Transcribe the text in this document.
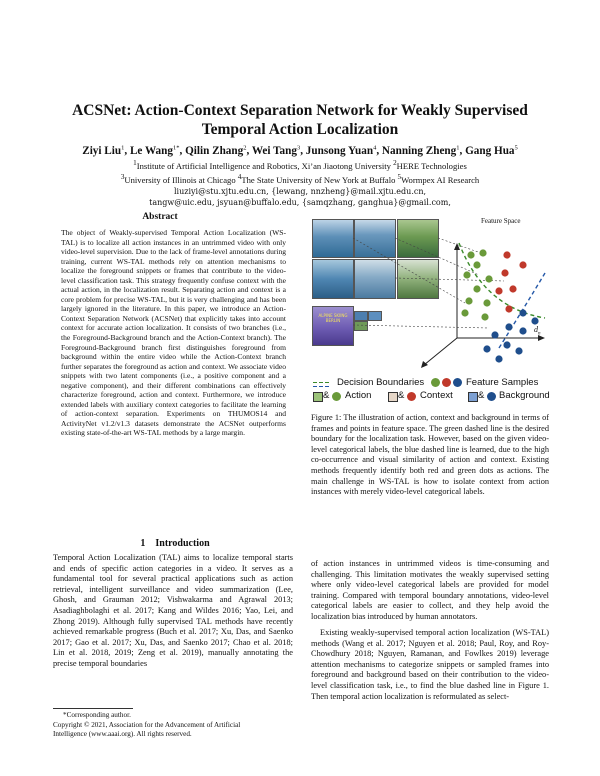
ACSNet: Action-Context Separation Network for Weakly Supervised
Temporal Action Localization
Ziyi Liu$^1$, Le Wang$^{1*}$, Qilin Zhang$^2$, Wei Tang$^3$, Junsong Yuan$^4$, Nanning Zheng$^1$, Gang Hua$^5$
$^1$Institute of Artificial Intelligence and Robotics, Xi’an Jiaotong University $^2$HERE Technologies
$^3$University of Illinois at Chicago $^4$The State University of New York at Buffalo $^5$Wormpex AI Research
liuziyi@stu.xjtu.edu.cn, {lewang, nnzheng}@mail.xjtu.edu.cn,
tangw@uic.edu, jsyuan@buffalo.edu, {samqzhang, ganghua}@gmail.com,
Abstract

The object of Weakly-supervised Temporal Action Localization (WS-TAL) is to localize all action instances in an untrimmed video with only video-level supervision. Due to the lack of frame-level annotations during training, current WS-TAL methods rely on attention mechanisms to localize the foreground snippets or frames that contribute to the video-level classification task. This strategy frequently confuse context with the actual action, in the localization result. Separating action and context is a core problem for precise WS-TAL, but it is very challenging and has been largely ignored in the literature. In this paper, we introduce an Action-Context Separation Network (ACSNet) that explicitly takes into account context for accurate action localization. It consists of two branches (i.e., the Foreground-Background branch and the Action-Context branch). The Foreground-Background branch first distinguishes foreground from background within the entire video while the Action-Context branch further separates the foreground as action and context. We associate video snippets with two latent components (i.e., a positive component and a negative component), and their different combinations can effectively characterize foreground, action and context. Furthermore, we introduce extended labels with auxiliary context categories to facilitate the learning of action-context separation. Experiments on THUMOS14 and ActivityNet v1.2/v1.3 datasets demonstrate the ACSNet outperforms existing state-of-the-art WS-TAL methods by a large margin.

1    Introduction

Temporal Action Localization (TAL) aims to localize temporal starts and ends of specific action categories in a video. It serves as a fundamental tool for several practical applications such as action retrieval, intelligent surveillance and video summarization (Lee, Ghosh, and Grauman 2012; Vishwakarma and Agrawal 2013; Asadiaghbolaghi et al. 2017; Kang and Wildes 2016; Yao, Lei, and Zhong 2019). Although fully supervised TAL methods have recently achieved remarkable progress (Buch et al. 2017; Xu, Das, and Saenko 2017; Gao et al. 2017; Xu, Das, and Saenko 2017; Chao et al. 2018; Lin et al. 2018, 2019; Zeng et al. 2019), manually annotating the precise temporal boundaries

*Corresponding author.
Copyright © 2021, Association for the Advancement of Artificial
Intelligence (www.aaai.org). All rights reserved.
ALPINE SKIING BERLIN
Feature Space
$d_n$
Decision Boundaries	Feature Samples
& Action	& Context	& Background

Figure 1: The illustration of action, context and background in terms of frames and points in feature space. The green dashed line is the desired boundary for the localization task. However, based on the given video-level categorical labels, the blue dashed line is learned, due to the high co-occurrence and visual similarity of action and context. Existing methods frequently identify both red and green dots as actions. The main challenge in WS-TAL is how to isolate context from action instances with merely video-level categorical labels.

of action instances in untrimmed videos is time-consuming and challenging. This limitation motivates the weakly supervised setting where only video-level categorical labels are provided for model training. Compared with temporal boundary annotations, video-level categorical labels are easier to collect, and they help avoid the localization bias introduced by human annotators.

Existing weakly-supervised temporal action localization (WS-TAL) methods (Wang et al. 2017; Nguyen et al. 2018; Paul, Roy, and Roy-Chowdhury 2018; Nguyen, Ramanan, and Fowlkes 2019) leverage attention mechanisms to categorize snippets or sampled frames into foreground and background based on their contribution to the video-level classification task, i.e., to find the blue dashed line in Figure 1. Then temporal action localization is reformulated as select-
